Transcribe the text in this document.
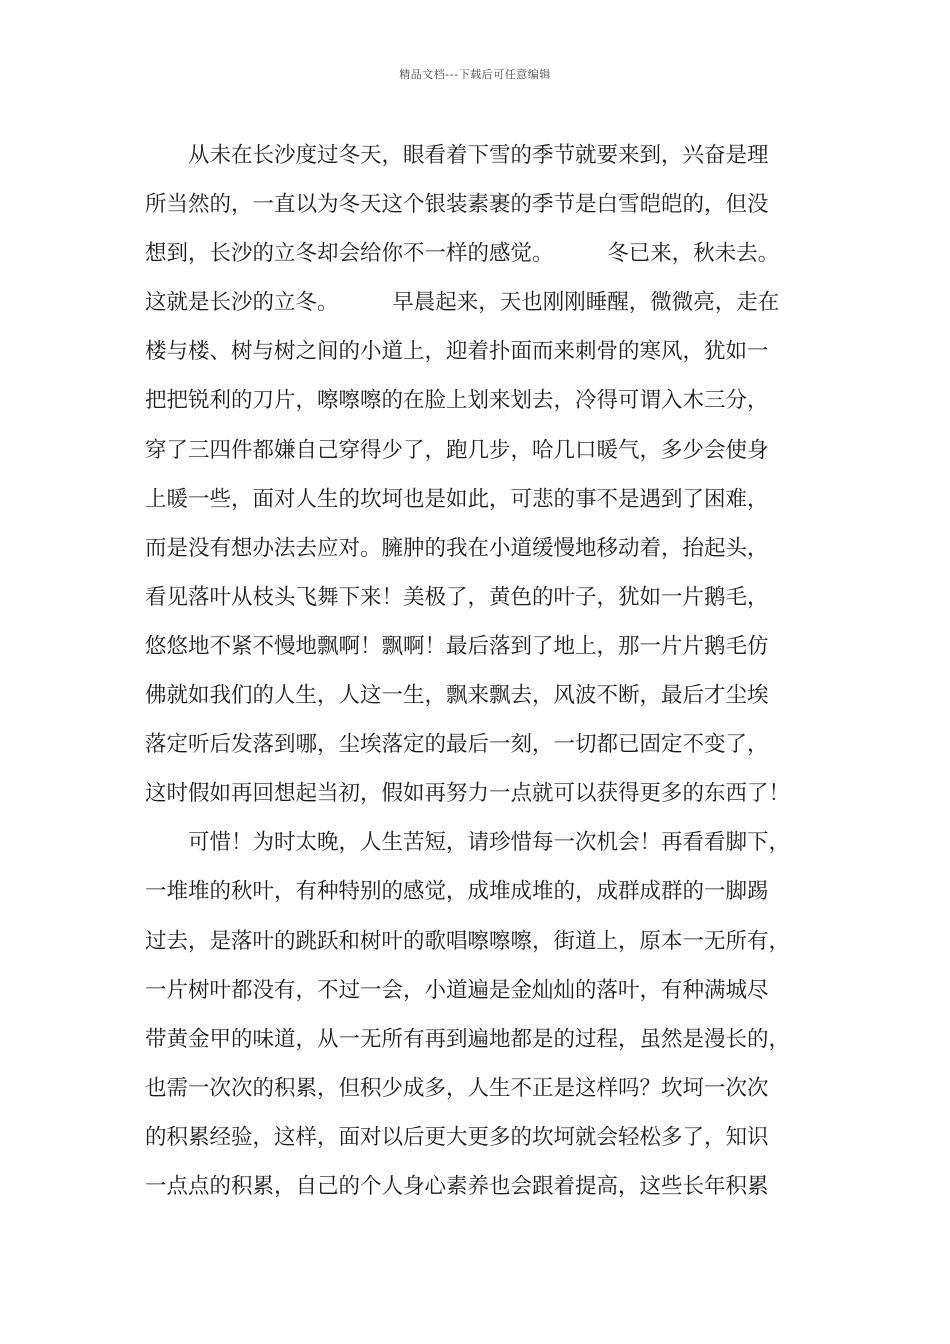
精品文档---下载后可任意编辑
　　从未在长沙度过冬天，眼看着下雪的季节就要来到，兴奋是理
所当然的，一直以为冬天这个银装素裹的季节是白雪皑皑的，但没
想到，长沙的立冬却会给你不一样的感觉。　　　冬已来，秋未去。
这就是长沙的立冬。　　　早晨起来，天也刚刚睡醒，微微亮，走在
楼与楼、树与树之间的小道上，迎着扑面而来刺骨的寒风，犹如一
把把锐利的刀片，嚓嚓嚓的在脸上划来划去，冷得可谓入木三分，
穿了三四件都嫌自己穿得少了，跑几步，哈几口暖气，多少会使身
上暖一些，面对人生的坎坷也是如此，可悲的事不是遇到了困难，
而是没有想办法去应对。臃肿的我在小道缓慢地移动着，抬起头，
看见落叶从枝头飞舞下来！美极了，黄色的叶子，犹如一片鹅毛，
悠悠地不紧不慢地飘啊！飘啊！最后落到了地上，那一片片鹅毛仿
佛就如我们的人生，人这一生，飘来飘去，风波不断，最后才尘埃
落定听后发落到哪，尘埃落定的最后一刻，一切都已固定不变了，
这时假如再回想起当初，假如再努力一点就可以获得更多的东西了！
　　可惜！为时太晚，人生苦短，请珍惜每一次机会！再看看脚下，
一堆堆的秋叶，有种特别的感觉，成堆成堆的，成群成群的一脚踢
过去，是落叶的跳跃和树叶的歌唱嚓嚓嚓，街道上，原本一无所有，
一片树叶都没有，不过一会，小道遍是金灿灿的落叶，有种满城尽
带黄金甲的味道，从一无所有再到遍地都是的过程，虽然是漫长的，
也需一次次的积累，但积少成多，人生不正是这样吗？坎坷一次次
的积累经验，这样，面对以后更大更多的坎坷就会轻松多了，知识
一点点的积累，自己的个人身心素养也会跟着提高，这些长年积累
